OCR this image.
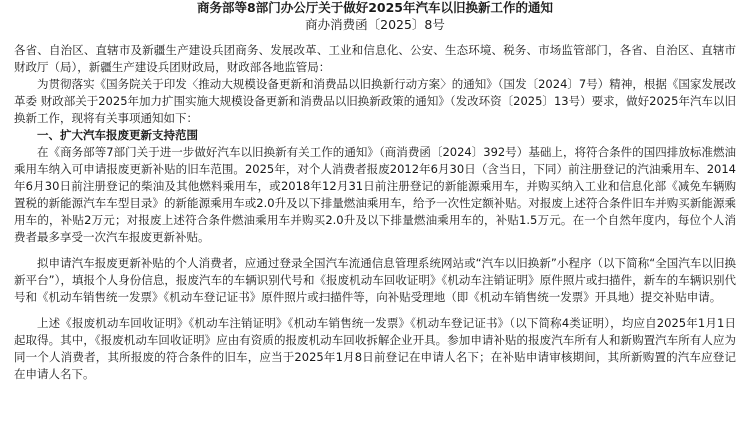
商务部等8部门办公厅关于做好2025年汽车以旧换新工作的通知
商办消费函〔2025〕8号

各省、自治区、直辖市及新疆生产建设兵团商务、发展改革、工业和信息化、公安、生态环境、税务、市场监管部门，各省、自治区、直辖市财政厅（局），新疆生产建设兵团财政局，财政部各地监管局：

为贯彻落实《国务院关于印发〈推动大规模设备更新和消费品以旧换新行动方案〉的通知》（国发〔2024〕7号）精神，根据《国家发展改革委 财政部关于2025年加力扩围实施大规模设备更新和消费品以旧换新政策的通知》（发改环资〔2025〕13号）要求，做好2025年汽车以旧换新工作，现将有关事项通知如下：

一、扩大汽车报废更新支持范围

在《商务部等7部门关于进一步做好汽车以旧换新有关工作的通知》（商消费函〔2024〕392号）基础上，将符合条件的国四排放标准燃油乘用车纳入可申请报废更新补贴的旧车范围。2025年，对个人消费者报废2012年6月30日（含当日，下同）前注册登记的汽油乘用车、2014年6月30日前注册登记的柴油及其他燃料乘用车，或2018年12月31日前注册登记的新能源乘用车，并购买纳入工业和信息化部《减免车辆购置税的新能源汽车车型目录》的新能源乘用车或2.0升及以下排量燃油乘用车，给予一次性定额补贴。对报废上述符合条件旧车并购买新能源乘用车的，补贴2万元；对报废上述符合条件燃油乘用车并购买2.0升及以下排量燃油乘用车的，补贴1.5万元。在一个自然年度内，每位个人消费者最多享受一次汽车报废更新补贴。

拟申请汽车报废更新补贴的个人消费者，应通过登录全国汽车流通信息管理系统网站或“汽车以旧换新”小程序（以下简称“全国汽车以旧换新平台”），填报个人身份信息，报废汽车的车辆识别代号和《报废机动车回收证明》《机动车注销证明》原件照片或扫描件，新车的车辆识别代号和《机动车销售统一发票》《机动车登记证书》原件照片或扫描件等，向补贴受理地（即《机动车销售统一发票》开具地）提交补贴申请。

上述《报废机动车回收证明》《机动车注销证明》《机动车销售统一发票》《机动车登记证书》（以下简称4类证明），均应自2025年1月1日起取得。其中，《报废机动车回收证明》应由有资质的报废机动车回收拆解企业开具。参加申请补贴的报废汽车所有人和新购置汽车所有人应为同一个人消费者，其所报废的符合条件的旧车，应当于2025年1月8日前登记在申请人名下；在补贴申请审核期间，其所新购置的汽车应登记在申请人名下。
